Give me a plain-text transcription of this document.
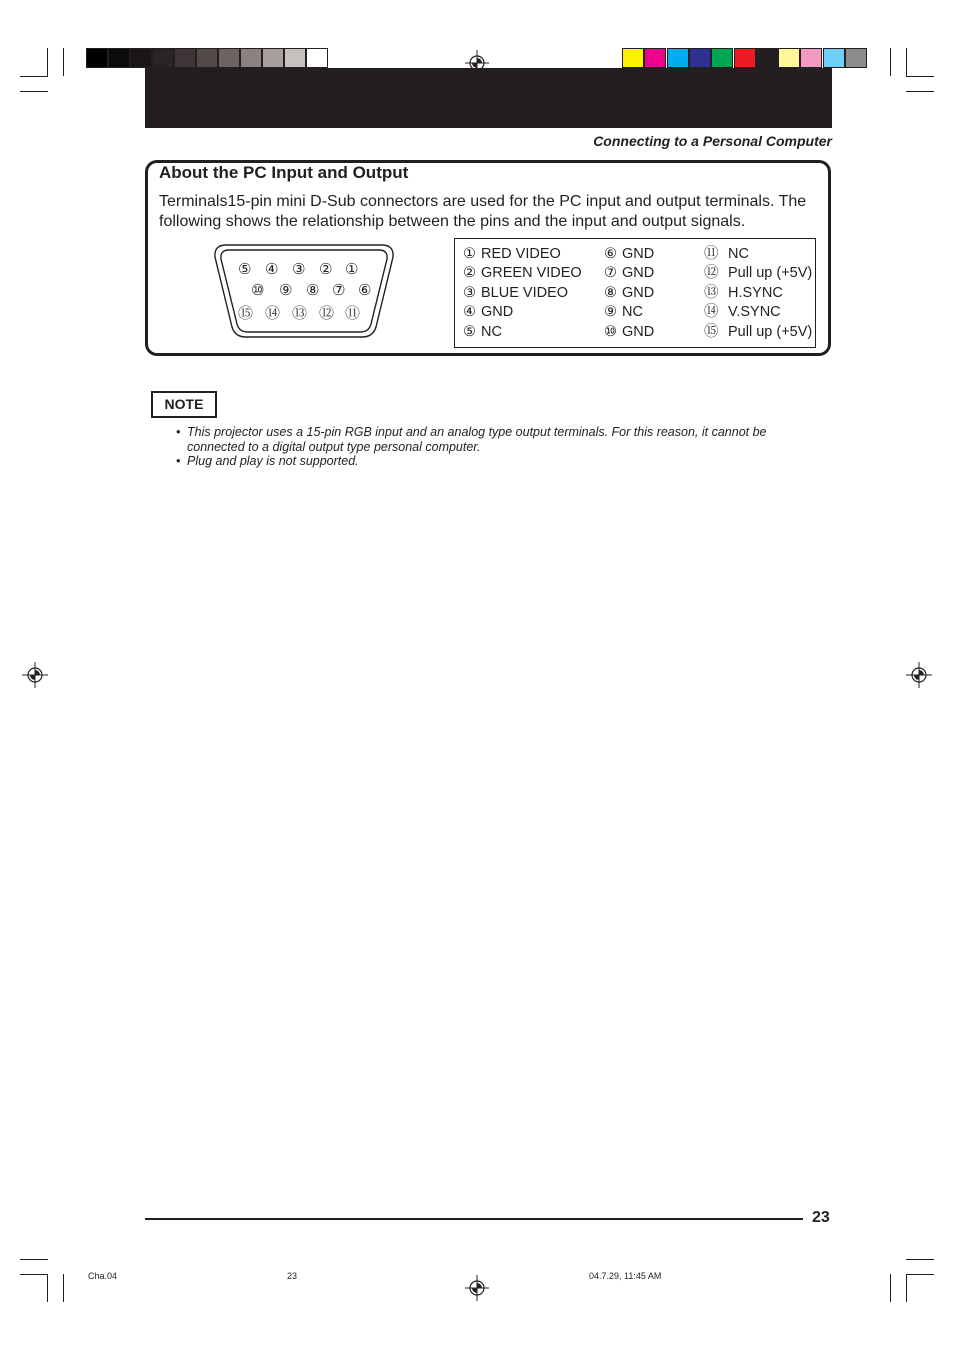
Connecting to a Personal Computer
About the PC Input and Output
Terminals15-pin mini D-Sub connectors are used for the PC input and output terminals. The following shows the relationship between the pins and the input and output signals.
⑤ ④ ③ ② ①
⑩ ⑨ ⑧ ⑦ ⑥
⑮ ⑭ ⑬ ⑫ ⑪
① RED VIDEO
② GREEN VIDEO
③ BLUE VIDEO
④ GND
⑤ NC
⑥ GND
⑦ GND
⑧ GND
⑨ NC
⑩ GND
⑪ NC
⑫ Pull up (+5V)
⑬ H.SYNC
⑭ V.SYNC
⑮ Pull up (+5V)
NOTE
• This projector uses a 15-pin RGB input and an analog type output terminals. For this reason, it cannot be connected to a digital output type personal computer.
• Plug and play is not supported.
23
Cha.04	23	04.7.29, 11:45 AM
